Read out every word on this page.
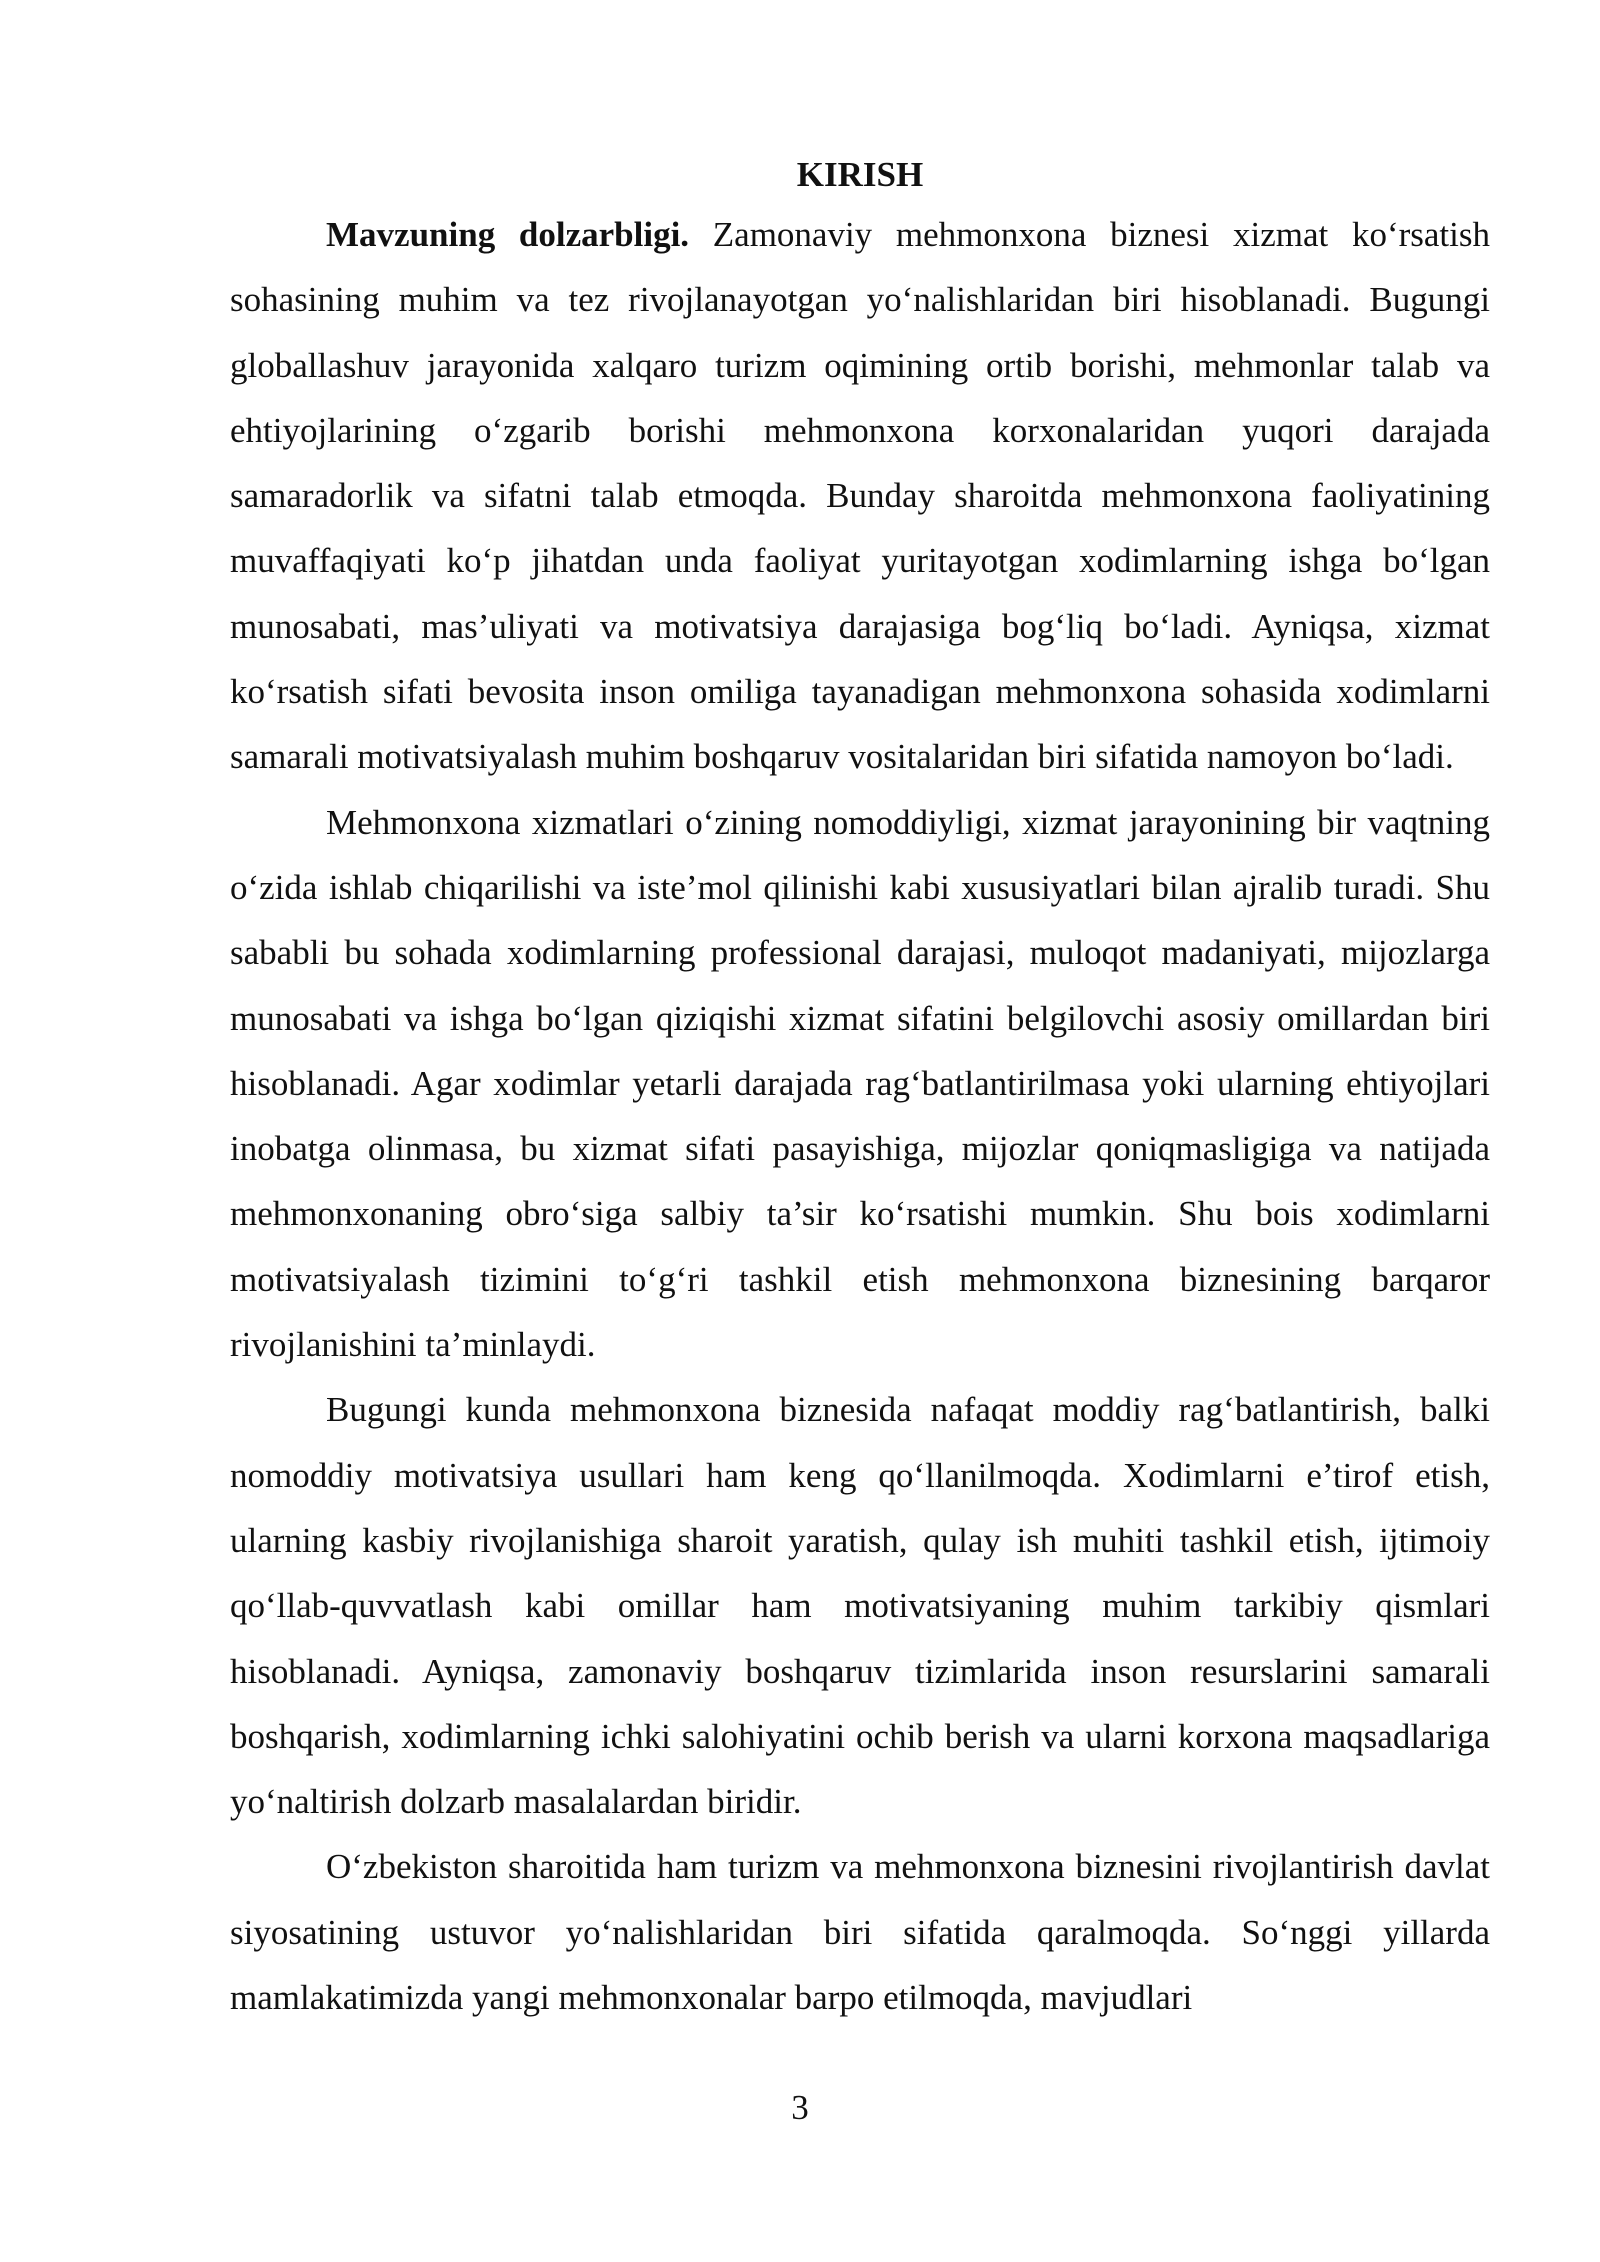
KIRISH

Mavzuning dolzarbligi. Zamonaviy mehmonxona biznesi xizmat ko‘rsatish sohasining muhim va tez rivojlanayotgan yo‘nalishlaridan biri hisoblanadi. Bugungi globallashuv jarayonida xalqaro turizm oqimining ortib borishi, mehmonlar talab va ehtiyojlarining o‘zgarib borishi mehmonxona korxonalaridan yuqori darajada samaradorlik va sifatni talab etmoqda. Bunday sharoitda mehmonxona faoliyatining muvaffaqiyati ko‘p jihatdan unda faoliyat yuritayotgan xodimlarning ishga bo‘lgan munosabati, mas’uliyati va motivatsiya darajasiga bog‘liq bo‘ladi. Ayniqsa, xizmat ko‘rsatish sifati bevosita inson omiliga tayanadigan mehmonxona sohasida xodimlarni samarali motivatsiyalash muhim boshqaruv vositalaridan biri sifatida namoyon bo‘ladi.

Mehmonxona xizmatlari o‘zining nomoddiyligi, xizmat jarayonining bir vaqtning o‘zida ishlab chiqarilishi va iste’mol qilinishi kabi xususiyatlari bilan ajralib turadi. Shu sababli bu sohada xodimlarning professional darajasi, muloqot madaniyati, mijozlarga munosabati va ishga bo‘lgan qiziqishi xizmat sifatini belgilovchi asosiy omillardan biri hisoblanadi. Agar xodimlar yetarli darajada rag‘batlantirilmasa yoki ularning ehtiyojlari inobatga olinmasa, bu xizmat sifati pasayishiga, mijozlar qoniqmasligiga va natijada mehmonxonaning obro‘siga salbiy ta’sir ko‘rsatishi mumkin. Shu bois xodimlarni motivatsiyalash tizimini to‘g‘ri tashkil etish mehmonxona biznesining barqaror rivojlanishini ta’minlaydi.

Bugungi kunda mehmonxona biznesida nafaqat moddiy rag‘batlantirish, balki nomoddiy motivatsiya usullari ham keng qo‘llanilmoqda. Xodimlarni e’tirof etish, ularning kasbiy rivojlanishiga sharoit yaratish, qulay ish muhiti tashkil etish, ijtimoiy qo‘llab-quvvatlash kabi omillar ham motivatsiyaning muhim tarkibiy qismlari hisoblanadi. Ayniqsa, zamonaviy boshqaruv tizimlarida inson resurslarini samarali boshqarish, xodimlarning ichki salohiyatini ochib berish va ularni korxona maqsadlariga yo‘naltirish dolzarb masalalardan biridir.

O‘zbekiston sharoitida ham turizm va mehmonxona biznesini rivojlantirish davlat siyosatining ustuvor yo‘nalishlaridan biri sifatida qaralmoqda. So‘nggi yillarda mamlakatimizda yangi mehmonxonalar barpo etilmoqda, mavjudlari

3
